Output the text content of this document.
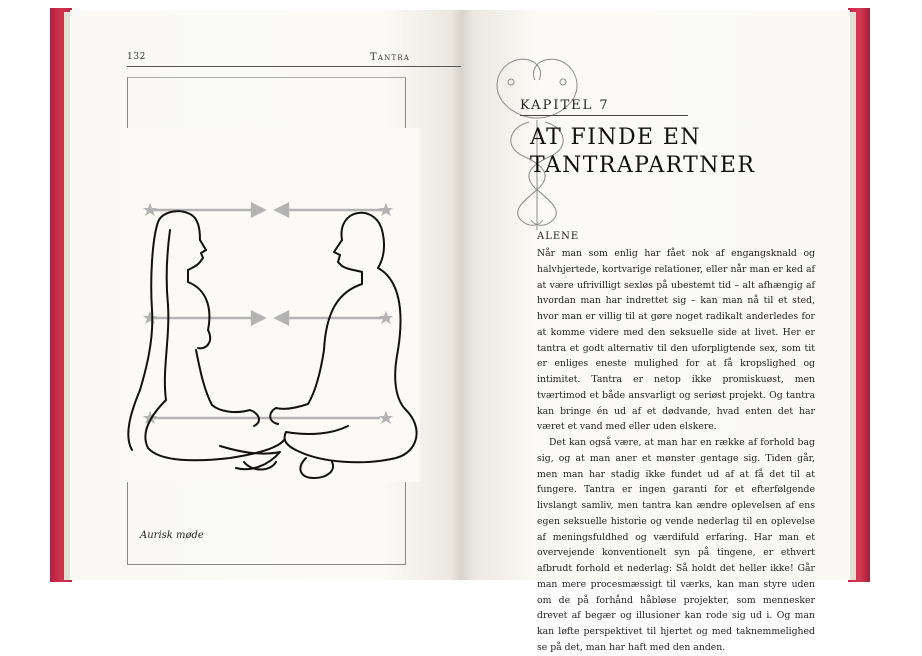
132	Tantra
Aurisk møde
KAPITEL 7
AT FINDE EN
TANTRAPARTNER
ALENE

Når man som enlig har fået nok af engangsknald og halvhjertede, kortvarige relationer, eller når man er ked af at være ufrivilligt sexløs på ubestemt tid – alt afhængig af hvordan man har indrettet sig – kan man nå til et sted, hvor man er villig til at gøre noget radikalt anderledes for at komme videre med den seksuelle side at livet. Her er tantra et godt alternativ til den uforpligtende sex, som tit er enliges eneste mulighed for at få kropslighed og intimitet. Tantra er netop ikke promiskuøst, men tværtimod et både ansvarligt og seriøst projekt. Og tantra kan bringe én ud af et dødvande, hvad enten det har været et vand med eller uden elskere.

Det kan også være, at man har en række af forhold bag sig, og at man aner et mønster gentage sig. Tiden går, men man har stadig ikke fundet ud af at få det til at fungere. Tantra er ingen garanti for et efterfølgende livslangt samliv, men tantra kan ændre oplevelsen af ens egen seksuelle historie og vende nederlag til en oplevelse af meningsfuldhed og værdifuld erfaring. Har man et overvejende konventionelt syn på tingene, er ethvert afbrudt forhold et nederlag: Så holdt det heller ikke! Går man mere procesmæssigt til værks, kan man styre uden om de på forhånd håbløse projekter, som mennesker drevet af begær og illusioner kan rode sig ud i. Og man kan løfte perspektivet til hjertet og med taknemmelighed se på det, man har haft med den anden.
